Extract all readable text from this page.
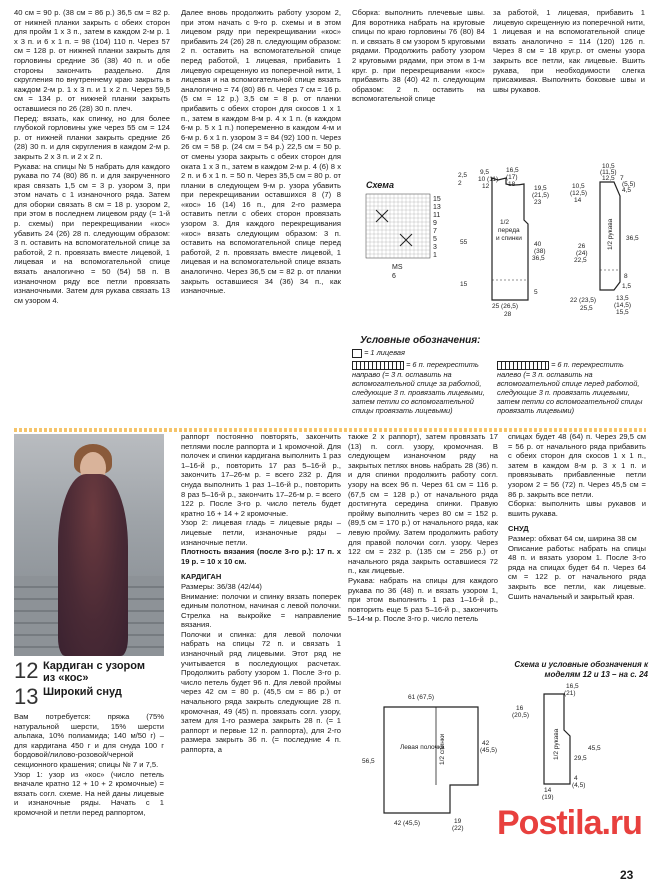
40 см = 90 р. (38 см = 86 р.) 36,5 см = 82 р. от нижней планки закрыть с обеих сторон для пройм 1 х 3 п., затем в каждом 2-м р. 1 х 3 п. и 6 х 1 п. = 98 (104) 110 п. Через 57 см = 128 р. от нижней планки закрыть для горловины средние 36 (38) 40 п. и обе стороны закончить раздельно. Для скругления по внутреннему краю закрыть в каждом 2-м р. 1 х 3 п. и 1 х 2 п. Через 59,5 см = 134 р. от нижней планки закрыть оставшиеся по 26 (28) 30 п. плеч.

Перед: вязать, как спинку, но для более глубокой горловины уже через 55 см = 124 р. от нижней планки закрыть средние 26 (28) 30 п. и для скругления в каждом 2-м р. закрыть 2 х 3 п. и 2 х 2 п.

Рукава: на спицы № 5 набрать для каждого рукава по 74 (80) 86 п. и для закрученного края связать 1,5 см = 3 р. узором 3, при этом начать с 1 изнаночного ряда. Затем для оборки связать 8 см = 18 р. узором 2, при этом в последнем лицевом ряду (= 1-й р. схемы) при перекрещивании «кос» убавить 24 (26) 28 п. следующим образом: 3 п. оставить на вспомогательной спице за работой, 2 п. провязать вместе лицевой, 1 лицевая и на вспомогательной спице вязать аналогично = 50 (54) 58 п. В изнаночном ряду все петли провязать изнаночными. Затем для рукава связать 13 см узором 4.

Далее вновь продолжить работу узором 2, при этом начать с 9-го р. схемы и в этом лицевом ряду при перекрещивании «кос» прибавить 24 (26) 28 п. следующим образом: 2 п. оставить на вспомогательной спице перед работой, 1 лицевая, прибавить 1 лицевую скрещенную из поперечной нити, 1 лицевая и на вспомогательной спице вязать аналогично = 74 (80) 86 п. Через 7 см = 16 р. (5 см = 12 р.) 3,5 см = 8 р. от планки прибавить с обеих сторон для скосов 1 х 1 п., затем в каждом 8-м р. 4 х 1 п. (в каждом 6-м р. 5 х 1 п.) попеременно в каждом 4-м и 6-м р. 6 х 1 п. узором 3 = 84 (92) 100 п. Через 26 см = 58 р. (24 см = 54 р.) 22,5 см = 50 р. от смены узора закрыть с обеих сторон для оката 1 х 3 п., затем в каждом 2-м р. 4 (6) 8 х 2 п. и 6 х 1 п. = 50 п. Через 35,5 см = 80 р. от планки в следующем 9-м р. узора убавить при перекрещивании оставшихся 8 (7) 8 «кос» 16 (14) 16 п., для 2-го размера оставить петли с обеих сторон провязать узором 3. Для каждого перекрещивания «кос» вязать следующим образом: 3 п. оставить на вспомогательной спице перед работой, 2 п. провязать вместе лицевой, 1 лицевая и на вспомогательной спице вязать аналогично. Через 36,5 см = 82 р. от планки закрыть оставшиеся 34 (36) 34 п., как изнаночные.

Сборка: выполнить плечевые швы. Для воротника набрать на круговые спицы по краю горловины 76 (80) 84 п. и связать 8 см узором 5 круговыми рядами. Продолжить работу узором 2 круговыми рядами, при этом в 1-м круг. р. при перекрещивании «кос» прибавить 38 (40) 42 п. следующим образом: 2 п. оставить на вспомогательной спице

за работой, 1 лицевая, прибавить 1 лицевую скрещенную из поперечной нити, 1 лицевая и на вспомогательной спице вязать аналогично = 114 (120) 126 п. Через 8 см = 18 круг.р. от смены узора закрыть все петли, как лицевые. Вшить рукава, при необходимости слегка присаживая. Выполнить боковые швы и швы рукавов.

Схема
15
13
11
9
7
5
3
1
MS
6
9,5
10 (11)
12
16,5
(17)
18
2,5
2
19,5
(21,5)
23
55	40
(38)
36,5
15
5
25 (26,5)
28
1/2
переда
и спинки
10,5
(11,5)
12,5 7
(5,5)
4,5
10,5
(12,5)
14
36,5
26
(24)
22,5
8
1,5
22 (23,5)
25,5
13,5
(14,5)
15,5
1/2 рукава
Условные обозначения:
= 1 лицевая
= 6 п. перекрестить направо (= 3 п. оставить на вспомогательной спице за работой, следующие 3 п. провязать лицевыми, затем петли со вспомогательной спицы провязать лицевыми)
= 6 п. перекрестить налево (= 3 п. оставить на вспомогательной спице перед работой, следующие 3 п. провязать лицевыми, затем петли со вспомогательной спицы провязать лицевыми)
12 Кардиган с узором из «кос»
13 Широкий снуд

Вам потребуется: пряжа (75% натуральной шерсти, 15% шерсти альпака, 10% полиамида; 140 м/50 г) – для кардигана 450 г и для снуда 100 г бордовой/лилово-розовой/черной секционного крашения; спицы № 7 и 7,5.

Узор 1: узор из «кос» (число петель вначале кратно 12 + 10 + 2 кромочные) = вязать согл. схеме. На ней даны лицевые и изнаночные ряды. Начать с 1 кромочной и петли перед раппортом,

раппорт постоянно повторять, закончить петлями после раппорта и 1 кромочной. Для полочек и спинки кардигана выполнить 1 раз 1–16-й р., повторить 17 раз 5–16-й р., закончить 17–26-м р. = всего 232 р. Для снуда выполнить 1 раз 1–16-й р., повторить 8 раз 5–16-й р., закончить 17–26-м р. = всего 122 р. После 3-го р. число петель будет кратно 16 + 14 + 2 кромочные.

Узор 2: лицевая гладь = лицевые ряды – лицевые петли, изнаночные ряды – изнаночные петли.

Плотность вязания (после 3-го р.): 17 п. х 19 р. = 10 х 10 см.

КАРДИГАН

Размеры: 36/38 (42/44)

Внимание: полочки и спинку вязать поперек единым полотном, начиная с левой полочки. Стрелка на выкройке = направление вязания.

Полочки и спинка: для левой полочки набрать на спицы 72 п. и связать 1 изнаночный ряд лицевыми. Этот ряд не учитывается в последующих расчетах. Продолжить работу узором 1. После 3-го р. число петель будет 96 п. Для левой проймы через 42 см = 80 р. (45,5 см = 86 р.) от начального ряда закрыть следующие 28 п. кромочная, 49 (45) п. провязать согл. узору, затем для 1-го размера закрыть 28 п. (= 1 раппорт и первые 12 п. раппорта), для 2-го размера закрыть 36 п. (= последние 4 п. раппорта, а

также 2 х раппорт), затем провязать 17 (13) п. согл. узору, кромочная. В следующем изнаночном ряду на закрытых петлях вновь набрать 28 (36) п. и для спинки продолжить работу согл. узору на всех 96 п. Через 61 см = 116 р. (67,5 см = 128 р.) от начального ряда достигнута середина спинки. Правую пройму выполнить через 80 см = 152 р. (89,5 см = 170 р.) от начального ряда, как левую пройму. Затем продолжить работу для правой полочки согл. узору. Через 122 см = 232 р. (135 см = 256 р.) от начального ряда закрыть оставшиеся 72 п., как лицевые.

Рукава: набрать на спицы для каждого рукава по 36 (48) п. и вязать узором 1, при этом выполнить 1 раз 1–16-й р., повторить еще 5 раз 5–16-й р., закончить 5–14-м р. После 3-го р. число петель

спицах будет 48 (64) п. Через 29,5 см = 56 р. от начального ряда прибавить с обеих сторон для скосов 1 х 1 п., затем в каждом 8-м р. 3 х 1 п. и провязывать прибавленные петли узором 2 = 56 (72) п. Через 45,5 см = 86 р. закрыть все петли.

Сборка: выполнить швы рукавов и вшить рукава.

СНУД

Размер: обхват 64 см, ширина 38 см

Описание работы: набрать на спицы 48 п. и вязать узором 1. После 3-го ряда на спицах будет 64 п. Через 64 см = 122 р. от начального ряда закрыть все петли, как лицевые. Сшить начальный и закрытый края.

Схема и условные обозначения к моделям 12 и 13 – на с. 24
61 (67,5)
56,5
42
(45,5)
42 (45,5)	19
(22)
Левая полочка
1/2 спинки
16,5
(21)
16
(20,5)
29,5
45,5
14
(19)
4
(4,5)
1/2 рукава
Postila.ru
23
